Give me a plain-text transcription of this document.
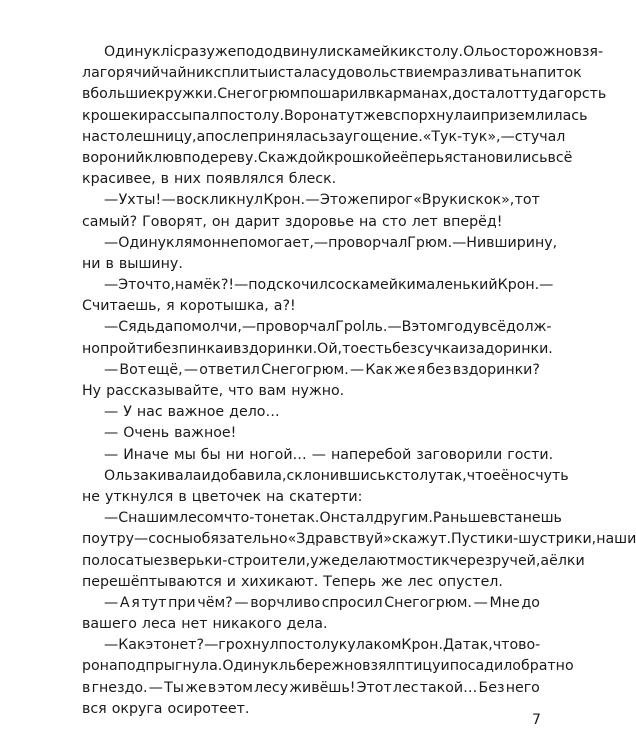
Одинуклі сразу же пододвинули скамейки к столу. Оль осторожно взя-
ла горячий чайник с плиты и стала с удовольствием разливать напиток
в большие кружки. Снегогрюм пошарил в карманах, достал оттуда горсть
крошек и рассыпал по столу. Ворона тут же вспорхнула и приземлилась
на столешницу, а после принялась за угощение. «Тук-тук», — стучал
вороний клюв по дереву. С каждой крошкой её перья становились всё
красивее, в них появлялся блеск.
— Ух ты! — воскликнул Крон. — Это же пирог «В руки скок», тот
самый? Говорят, он дарит здоровье на сто лет вперёд!
— Одинуклям он не помогает, — проворчал Грюм. — Ни в ширину,
ни в вышину.
— Это что, намёк?! — подскочил со скамейки маленький Крон. —
Считаешь, я коротышка, а?!
— Сядь да помолчи, — проворчал Грolль. — В этом году всё долж-
но пройти без пинка и вздоринки. Ой, то есть без сучка и задоринки.
— Вот ещё, — ответил Снегогрюм. — Как же я без вздоринки?
Ну рассказывайте, что вам нужно.
— У нас важное дело…
— Очень важное!
— Иначе мы бы ни ногой… — наперебой заговорили гости.
Оль закивала и добавила, склонившись к столу так, что её нос чуть
не уткнулся в цветочек на скатерти:
— С нашим лесом что-то не так. Он стал другим. Раньше встанешь
поутру — сосны обязательно «Здравствуй» скажут. Пустики-шустрики, наши
полосатые зверьки-строители, уже делают мостик через ручей, а ёлки
перешёптываются и хихикают. Теперь же лес опустел.
— А я тут при чём? — ворчливо спросил Снегогрюм. — Мне до
вашего леса нет никакого дела.
— Как это нет? — грохнул по столу кулаком Крон. Да так, что во-
рона подпрыгнула. Одинукль бережно взял птицу и посадил обратно
в гнездо. — Ты же в этом лесу живёшь! Этот лес такой… Без него
вся округа осиротеет.
7
